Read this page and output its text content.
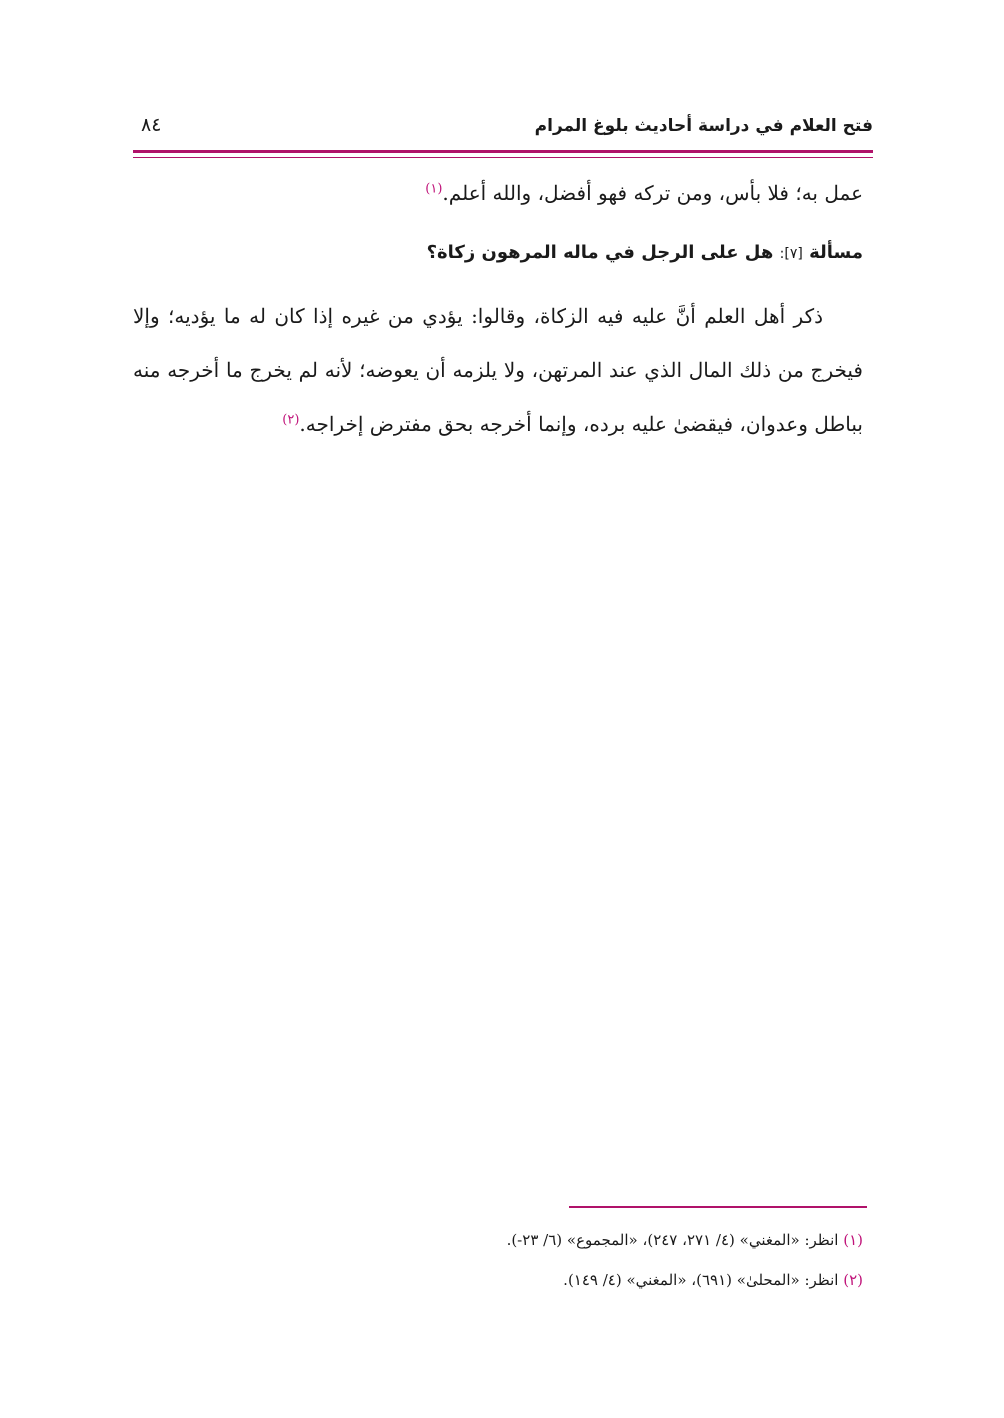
فتح العلام في دراسة أحاديث بلوغ المرام
٨٤

عمل به؛ فلا بأس، ومن تركه فهو أفضل، والله أعلم.$^{(١)}$

مسألة [٧]: هل على الرجل في ماله المرهون زكاة؟

ذكر أهل العلم أنَّ عليه فيه الزكاة، وقالوا: يؤدي من غيره إذا كان له ما يؤديه؛ وإلا فيخرج من ذلك المال الذي عند المرتهن، ولا يلزمه أن يعوضه؛ لأنه لم يخرج ما أخرجه منه بباطل وعدوان، فيقضىٰ عليه برده، وإنما أخرجه بحق مفترض إخراجه.$^{(٢)}$

(١) انظر: «المغني» (٤/ ٢٧١، ٢٤٧)، «المجموع» (٦/ ٢٣-).

(٢) انظر: «المحلىٰ» (٦٩١)، «المغني» (٤/ ١٤٩).
